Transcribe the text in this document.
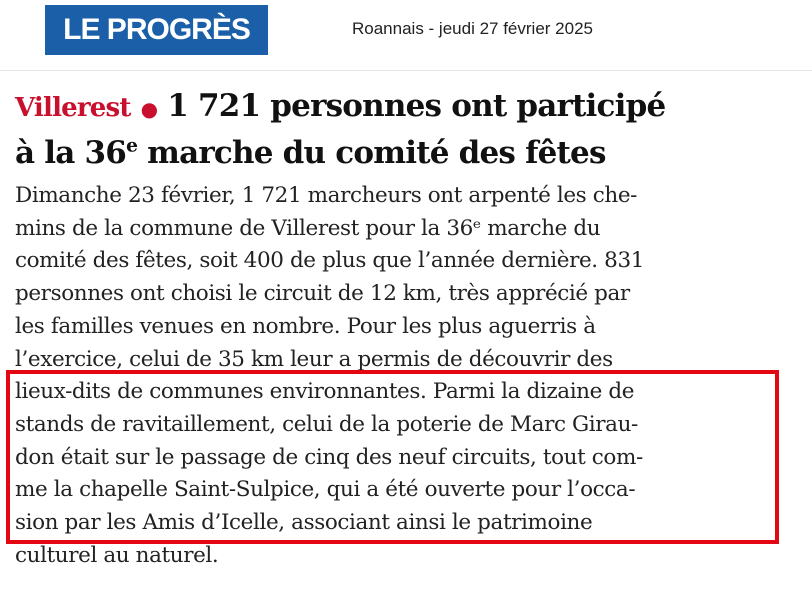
LE PROGRÈS	Roannais - jeudi 27 février 2025
Villerest ● 1 721 personnes ont participé
à la 36e marche du comité des fêtes
Dimanche 23 février, 1 721 marcheurs ont arpenté les che-
mins de la commune de Villerest pour la 36ᵉ marche du
comité des fêtes, soit 400 de plus que l’année dernière. 831
personnes ont choisi le circuit de 12 km, très apprécié par
les familles venues en nombre. Pour les plus aguerris à
l’exercice, celui de 35 km leur a permis de découvrir des
lieux-dits de communes environnantes. Parmi la dizaine de
stands de ravitaillement, celui de la poterie de Marc Girau-
don était sur le passage de cinq des neuf circuits, tout com-
me la chapelle Saint-Sulpice, qui a été ouverte pour l’occa-
sion par les Amis d’Icelle, associant ainsi le patrimoine
culturel au naturel.
